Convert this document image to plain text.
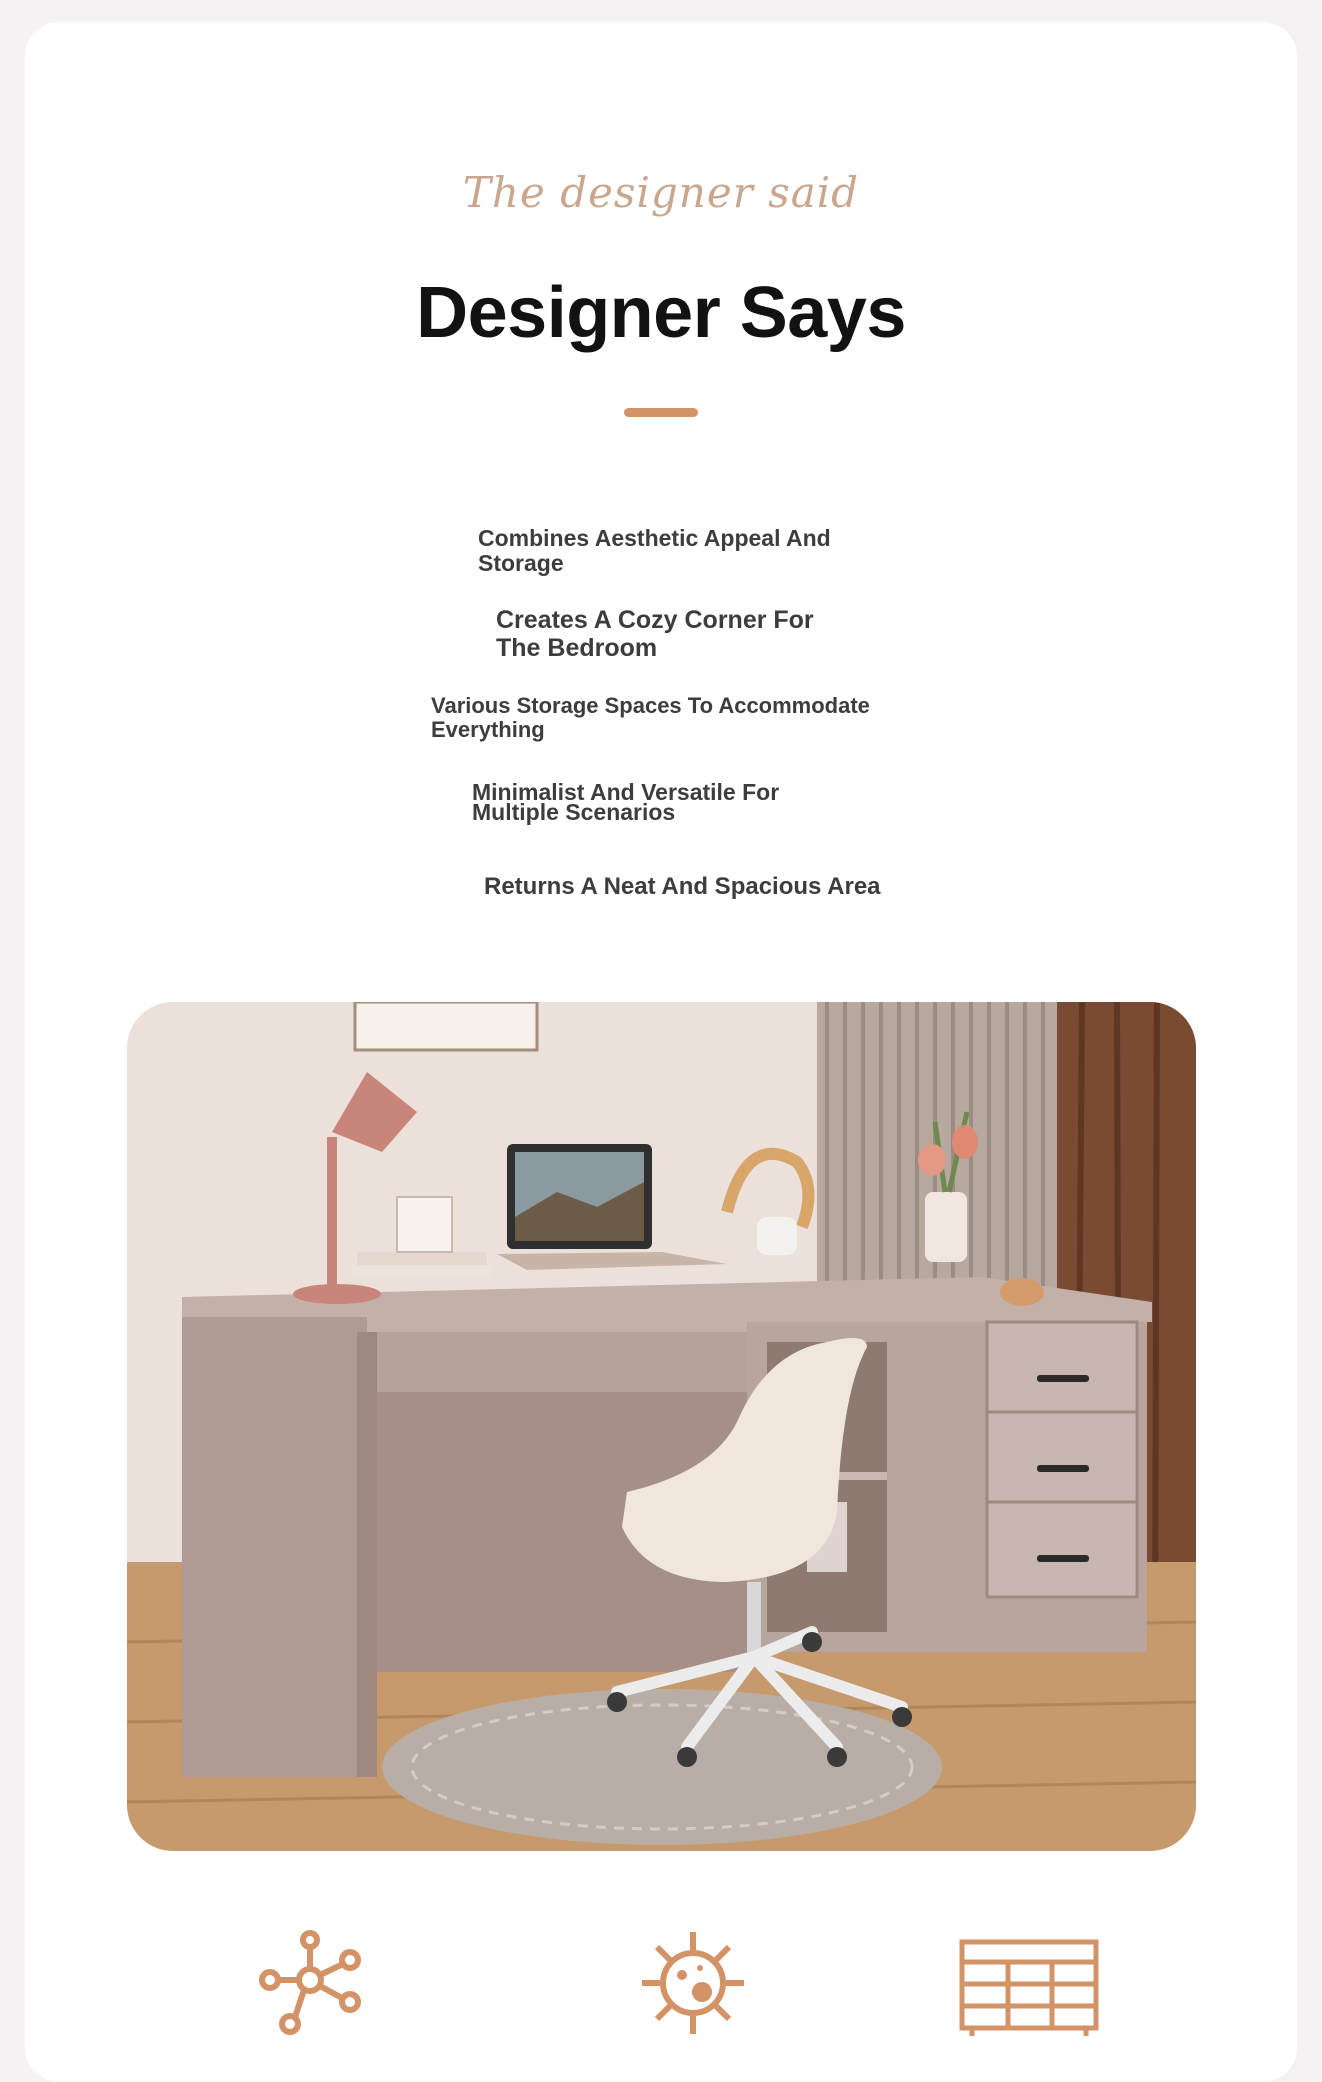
The designer said
Designer Says
Combines Aesthetic Appeal And Storage
Creates A Cozy Corner For The Bedroom
Various Storage Spaces To Accommodate Everything
Minimalist And Versatile For Multiple Scenarios
Returns A Neat And Spacious Area
